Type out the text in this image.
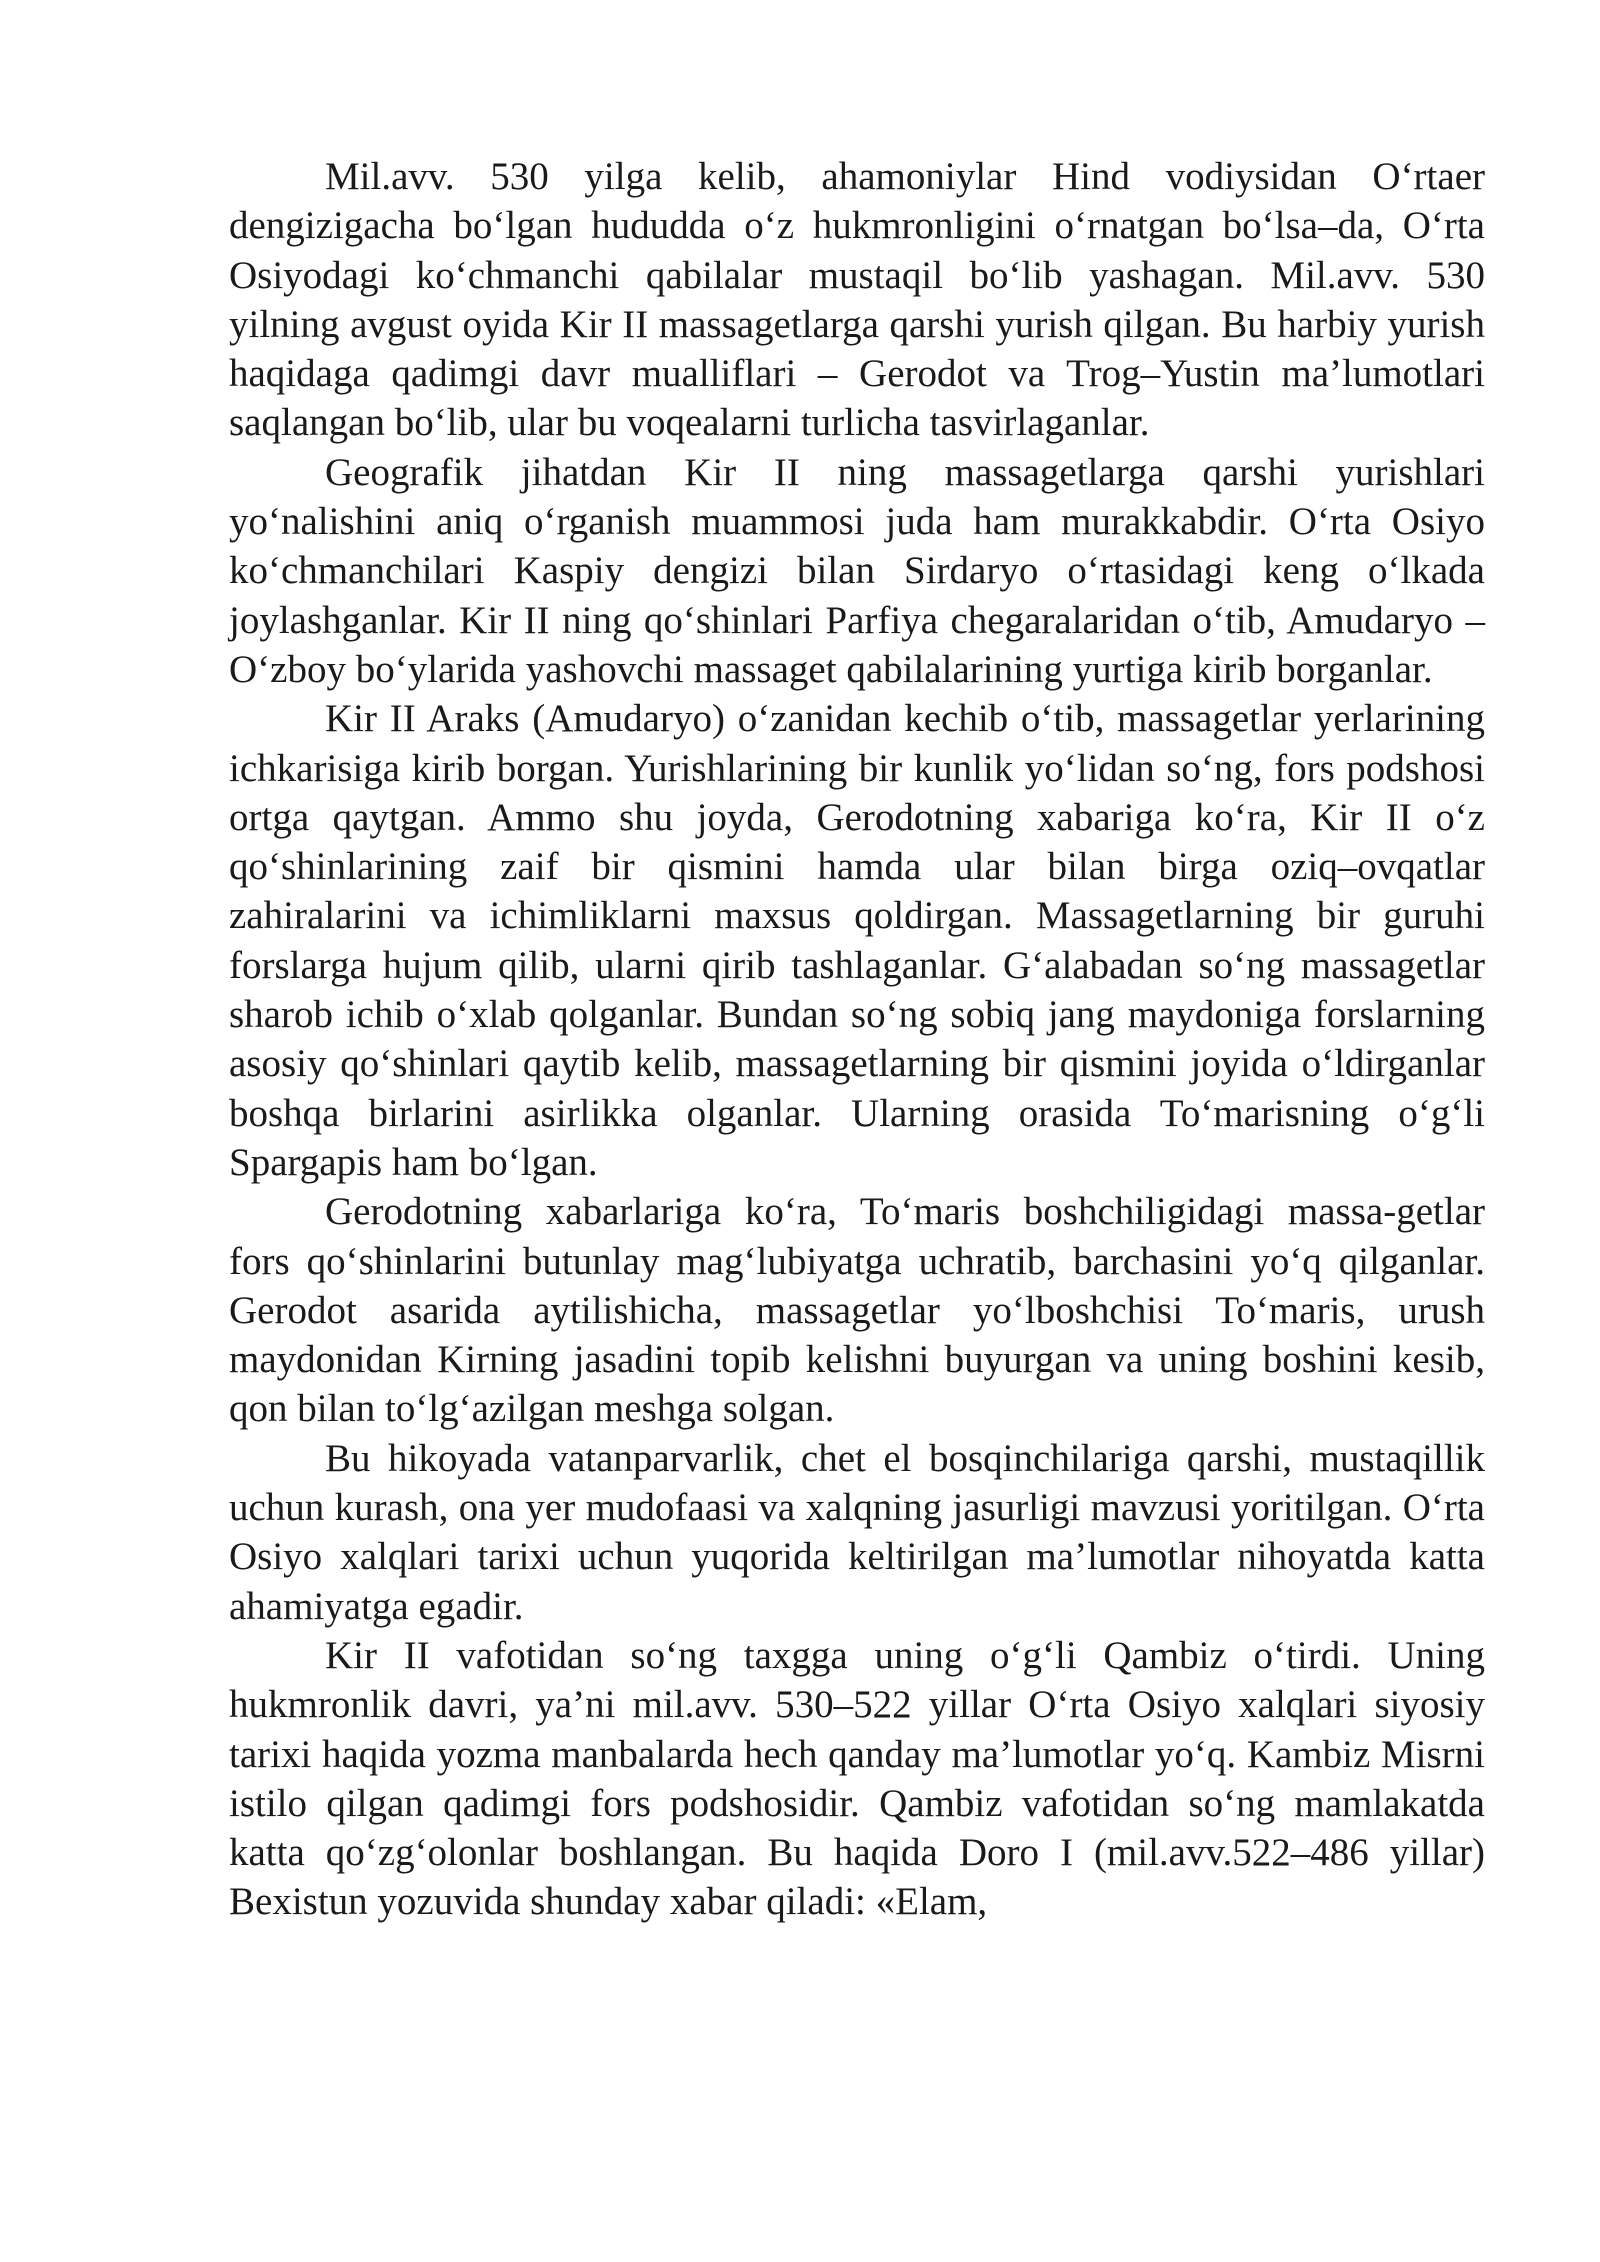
Mil.avv. 530 yilga kelib, ahamoniylar Hind vodiysidan O‘rtaer dengizigacha bo‘lgan hududda o‘z hukmronligini o‘rnatgan bo‘lsa–da, O‘rta Osiyodagi ko‘chmanchi qabilalar mustaqil bo‘lib yashagan. Mil.avv. 530 yilning avgust oyida Kir II massagetlarga qarshi yurish qilgan. Bu harbiy yurish haqidaga qadimgi davr mualliflari – Gerodot va Trog–Yustin ma’lumotlari saqlangan bo‘lib, ular bu voqealarni turlicha tasvirlaganlar.

Geografik jihatdan Kir II ning massagetlarga qarshi yurishlari yo‘nalishini aniq o‘rganish muammosi juda ham murakkabdir. O‘rta Osiyo ko‘chmanchilari Kaspiy dengizi bilan Sirdaryo o‘rtasidagi keng o‘lkada joylashganlar. Kir II ning qo‘shinlari Parfiya chegaralaridan o‘tib, Amudaryo – O‘zboy bo‘ylarida yashovchi massaget qabilalarining yurtiga kirib borganlar.

Kir II Araks (Amudaryo) o‘zanidan kechib o‘tib, massagetlar yerlarining ichkarisiga kirib borgan. Yurishlarining bir kunlik yo‘lidan so‘ng, fors podshosi ortga qaytgan. Ammo shu joyda, Gerodotning xabariga ko‘ra, Kir II o‘z qo‘shinlarining zaif bir qismini hamda ular bilan birga oziq–ovqatlar zahiralarini va ichimliklarni maxsus qoldirgan. Massagetlarning bir guruhi forslarga hujum qilib, ularni qirib tashlaganlar. G‘alabadan so‘ng massagetlar sharob ichib o‘xlab qolganlar. Bundan so‘ng sobiq jang maydoniga forslarning asosiy qo‘shinlari qaytib kelib, massagetlarning bir qismini joyida o‘ldirganlar boshqa birlarini asirlikka olganlar. Ularning orasida To‘marisning o‘g‘li Spargapis ham bo‘lgan.

Gerodotning xabarlariga ko‘ra, To‘maris boshchiligidagi massa-getlar fors qo‘shinlarini butunlay mag‘lubiyatga uchratib, barchasini yo‘q qilganlar. Gerodot asarida aytilishicha, massagetlar yo‘lboshchisi To‘maris, urush maydonidan Kirning jasadini topib kelishni buyurgan va uning boshini kesib, qon bilan to‘lg‘azilgan meshga solgan.

Bu hikoyada vatanparvarlik, chet el bosqinchilariga qarshi, mustaqillik uchun kurash, ona yer mudofaasi va xalqning jasurligi mavzusi yoritilgan. O‘rta Osiyo xalqlari tarixi uchun yuqorida keltirilgan ma’lumotlar nihoyatda katta ahamiyatga egadir.

Kir II vafotidan so‘ng taxgga uning o‘g‘li Qambiz o‘tirdi. Uning hukmronlik davri, ya’ni mil.avv. 530–522 yillar O‘rta Osiyo xalqlari siyosiy tarixi haqida yozma manbalarda hech qanday ma’lumotlar yo‘q. Kambiz Misrni istilo qilgan qadimgi fors podshosidir. Qambiz vafotidan so‘ng mamlakatda katta qo‘zg‘olonlar boshlangan. Bu haqida Doro I (mil.avv.522–486 yillar) Bexistun yozuvida shunday xabar qiladi: «Elam,
